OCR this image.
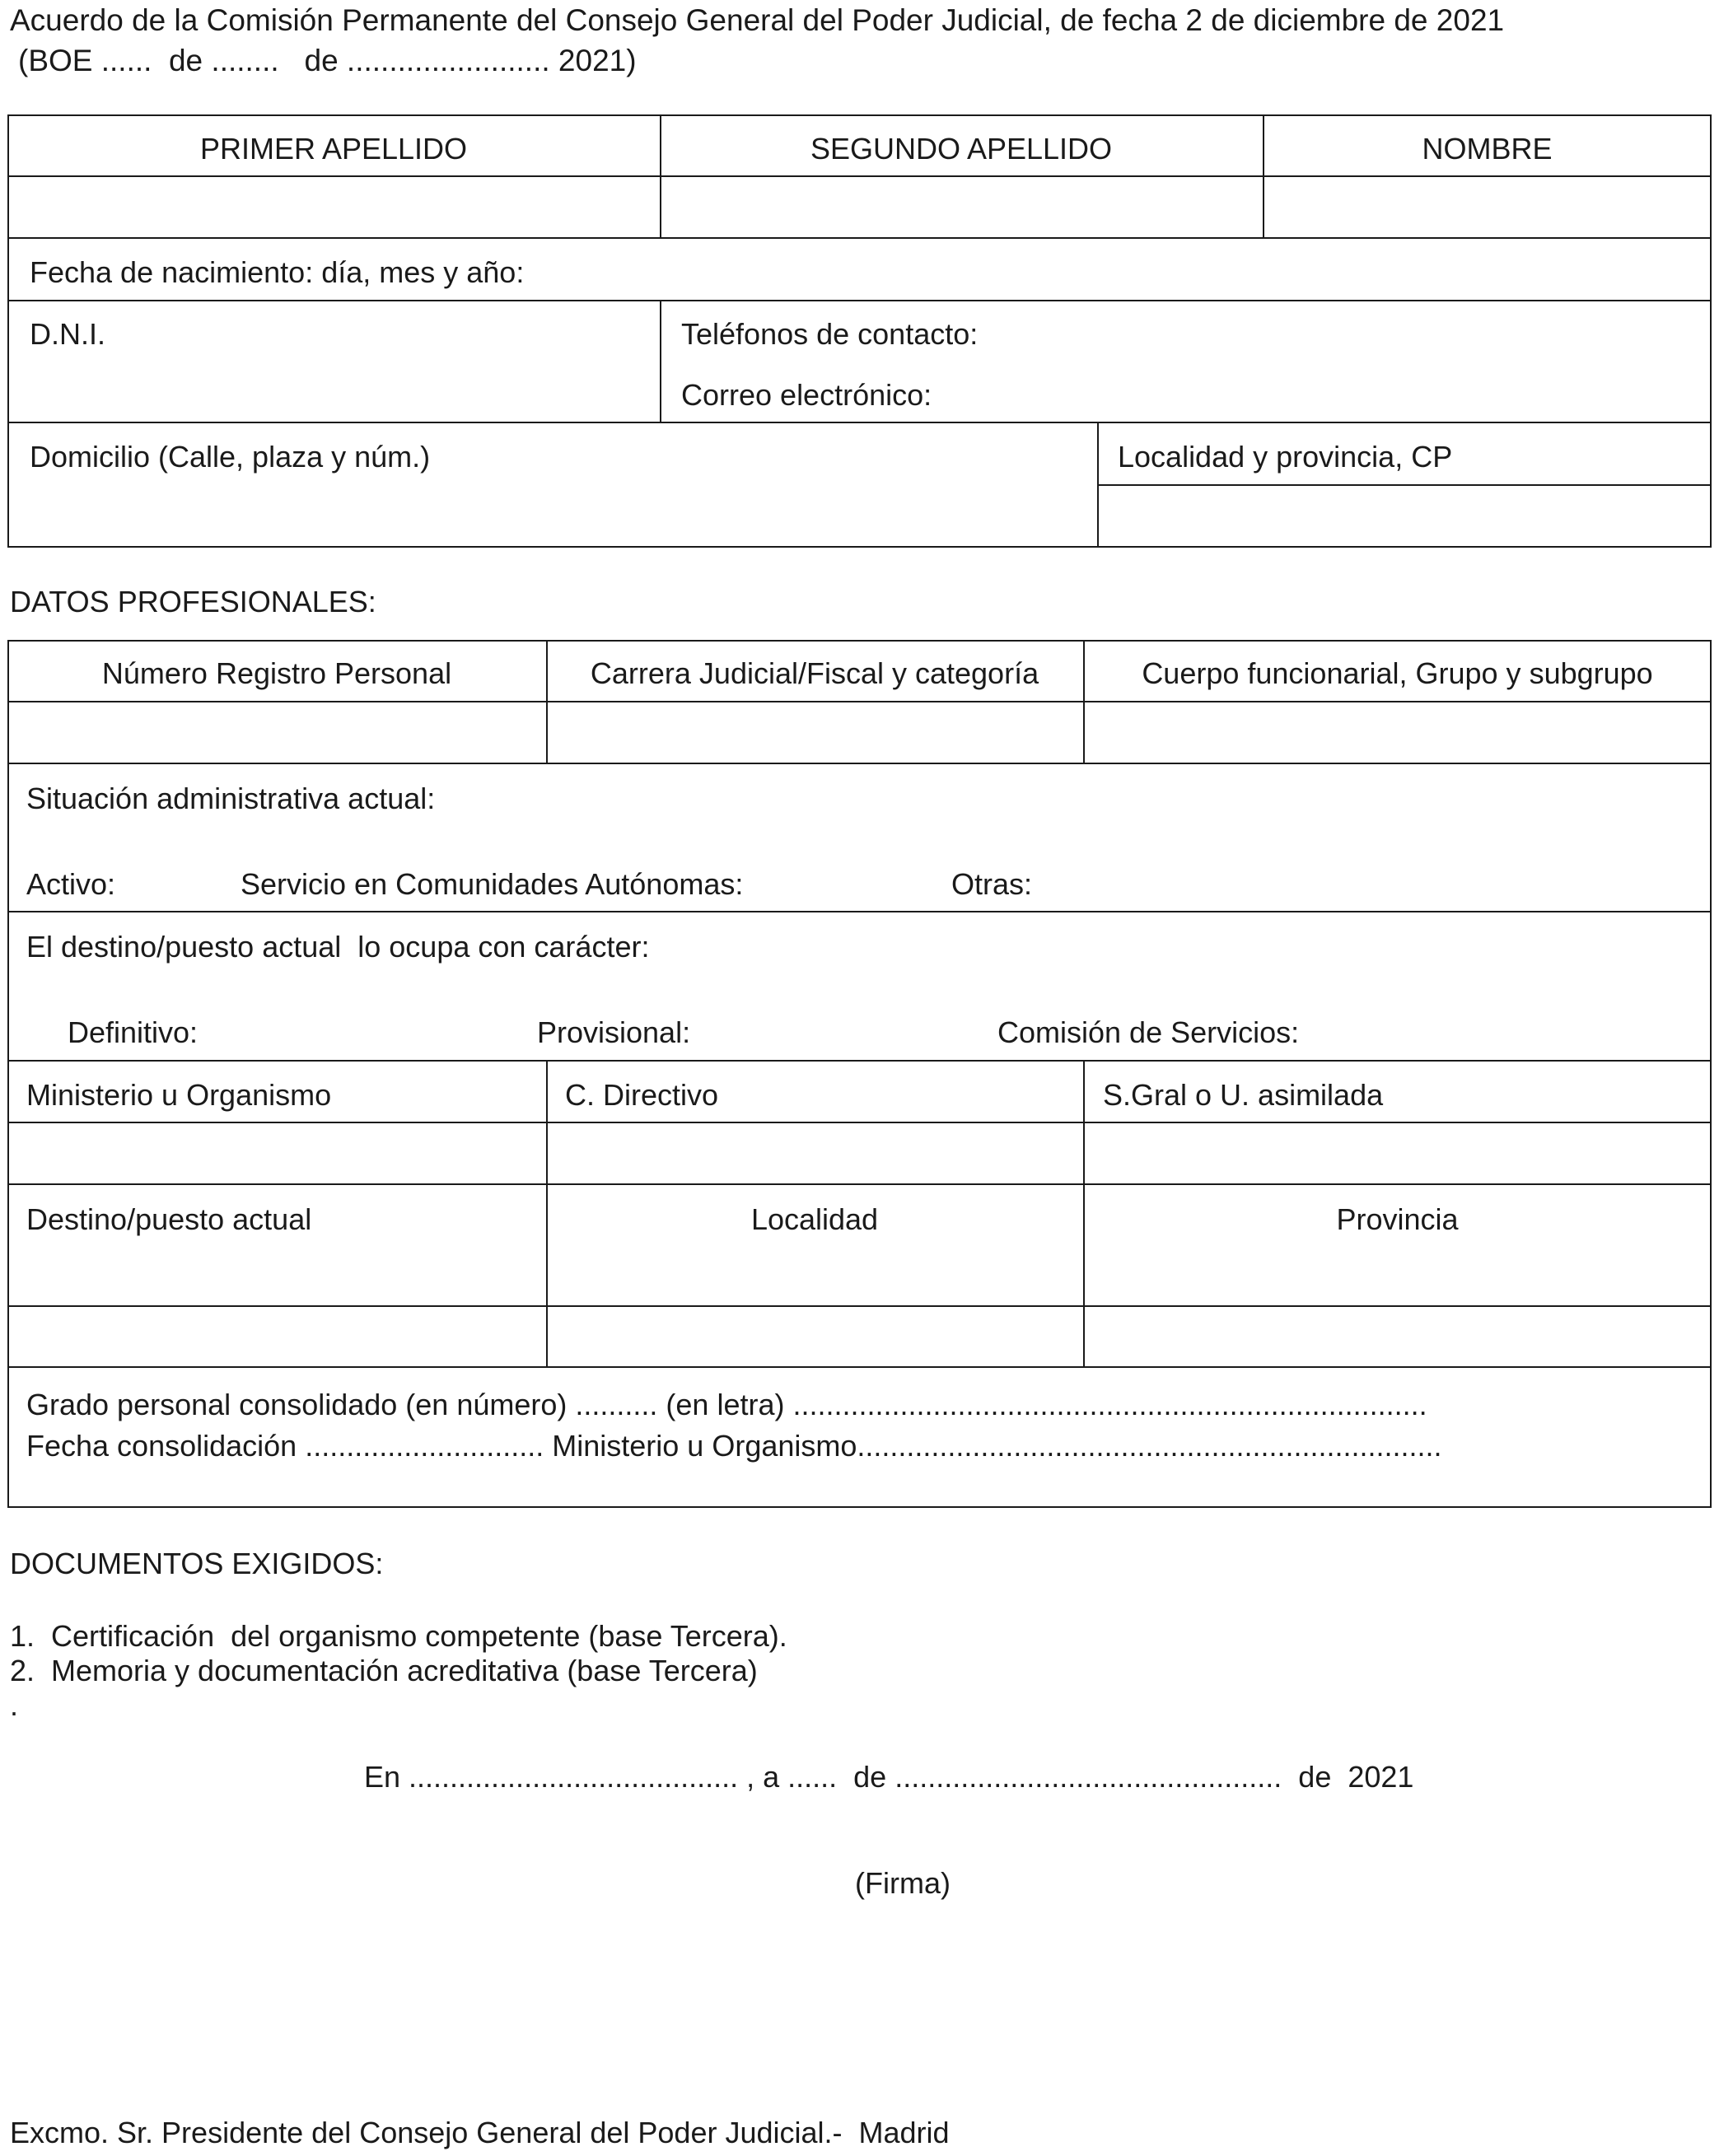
Acuerdo de la Comisión Permanente del Consejo General del Poder Judicial, de fecha 2 de diciembre de 2021
(BOE ......  de ........   de ........................ 2021)
PRIMER APELLIDO	SEGUNDO APELLIDO	NOMBRE
Fecha de nacimiento: día, mes y año:
D.N.I.	Teléfonos de contacto:
Correo electrónico:
Domicilio (Calle, plaza y núm.)	Localidad y provincia, CP
DATOS PROFESIONALES:
Número Registro Personal	Carrera Judicial/Fiscal y categoría	Cuerpo funcionarial, Grupo y subgrupo
Situación administrativa actual:
Activo:	Servicio en Comunidades Autónomas:	Otras:
El destino/puesto actual  lo ocupa con carácter:
Definitivo:	Provisional:	Comisión de Servicios:
Ministerio u Organismo	C. Directivo	S.Gral o U. asimilada
Destino/puesto actual	Localidad	Provincia
Grado personal consolidado (en número) .......... (en letra) .............................................................................
Fecha consolidación ............................. Ministerio u Organismo.......................................................................
DOCUMENTOS EXIGIDOS:
1.  Certificación  del organismo competente (base Tercera).
2.  Memoria y documentación acreditativa (base Tercera)
.
En ........................................ , a ......  de ...............................................  de  2021
(Firma)
Excmo. Sr. Presidente del Consejo General del Poder Judicial.-  Madrid
